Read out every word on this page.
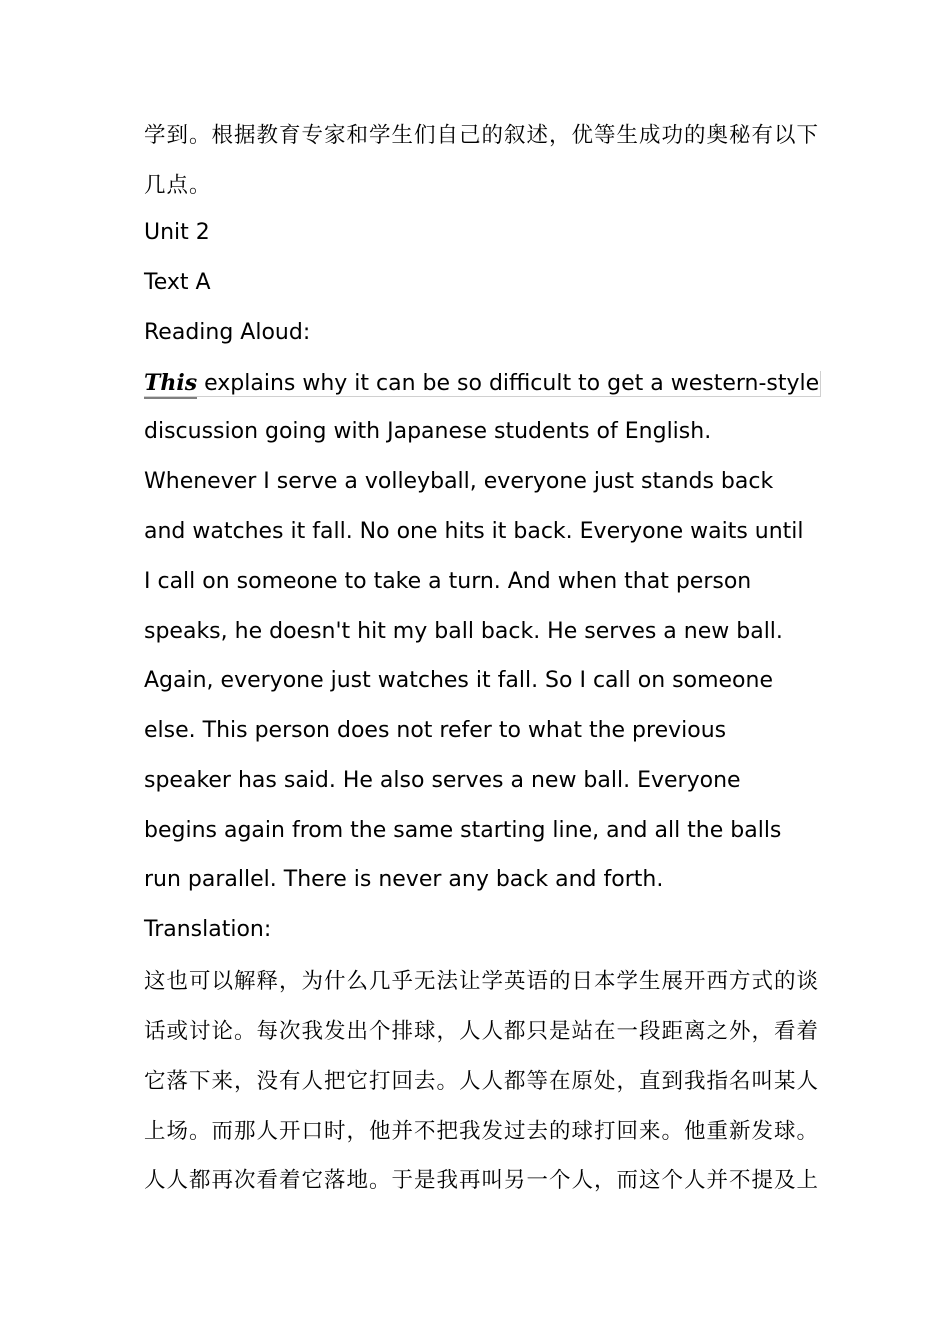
学到。根据教育专家和学生们自己的叙述，优等生成功的奥秘有以下
几点。
Unit 2
Text A
Reading Aloud:
This explains why it can be so difficult to get a western-style
discussion going with Japanese students of English.
Whenever I serve a volleyball, everyone just stands back
and watches it fall. No one hits it back. Everyone waits until
I call on someone to take a turn. And when that person
speaks, he doesn't hit my ball back. He serves a new ball.
Again, everyone just watches it fall. So I call on someone
else. This person does not refer to what the previous
speaker has said. He also serves a new ball. Everyone
begins again from the same starting line, and all the balls
run parallel. There is never any back and forth.
Translation:
这也可以解释，为什么几乎无法让学英语的日本学生展开西方式的谈
话或讨论。每次我发出个排球，人人都只是站在一段距离之外，看着
它落下来，没有人把它打回去。人人都等在原处，直到我指名叫某人
上场。而那人开口时，他并不把我发过去的球打回来。他重新发球。
人人都再次看着它落地。于是我再叫另一个人，而这个人并不提及上
